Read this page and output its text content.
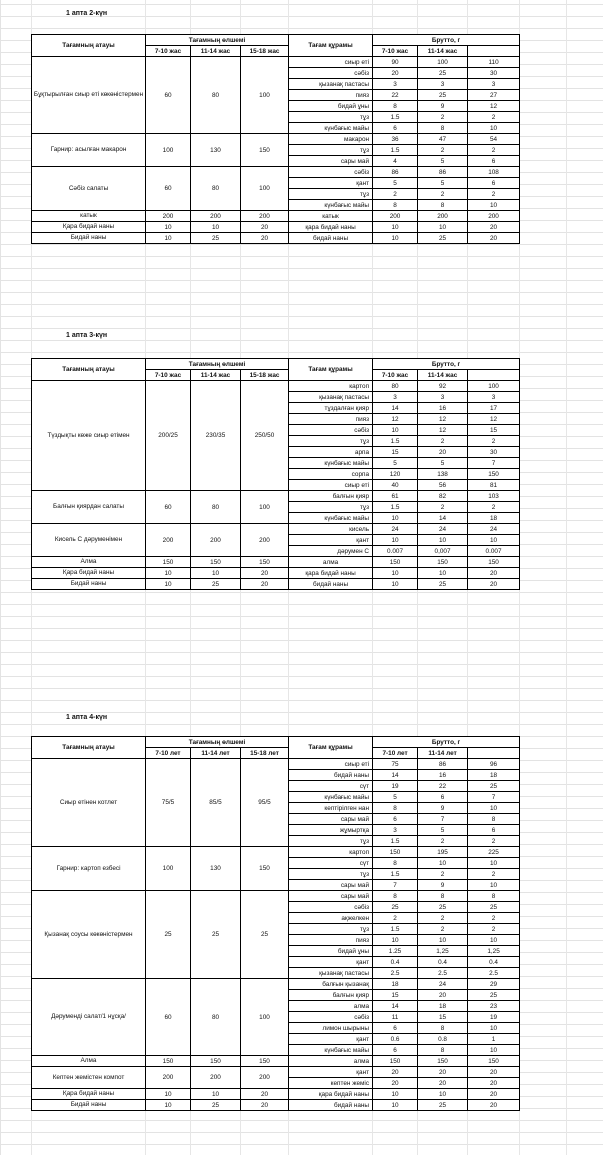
1 апта 2-күн
Тағамның атауы	Тағамның өлшемі			Тағам құрамы	Брутто, г		
	7-10 жас	11-14 жас	15-18 жас		7-10 жас	11-14 жас	
Бұқтырылған сиыр еті көкөністермен	60	80	100	сиыр еті	90	100	110
				сәбіз	20	25	30
				қызанақ пастасы	3	3	3
				пияз	22	25	27
				бидай ұны	8	9	12
				тұз	1.5	2	2
				күнбағыс майы	6	8	10
Гарнир: асылған макарон	100	130	150	макарон	36	47	54
				тұз	1.5	2	2
				сары май	4	5	6
Сәбіз салаты	60	80	100	сәбіз	86	86	108
				қант	5	5	6
				тұз	2	2	2
				күнбағыс майы	8	8	10
катык	200	200	200	катык	200	200	200
Қара бидай наны	10	10	20	қара бидай наны	10	10	20
Бидай наны	10	25	20	бидай наны	10	25	20
1 апта 3-күн
Тағамның атауы	Тағамның өлшемі			Тағам құрамы	Брутто, г		
	7-10 жас	11-14 жас	15-18 жас		7-10 жас	11-14 жас	
Түздықты көже сиыр етімен	200/25	230/35	250/50	картоп	80	92	100
				қызанақ пастасы	3	3	3
				тұздалған қияр	14	16	17
				пияз	12	12	12
				сәбіз	10	12	15
				тұз	1.5	2	2
				арпа	15	20	30
				күнбағыс майы	5	5	7
				сорпа	120	138	150
				сиыр еті	40	56	81
Балғын қиярдан салаты	60	80	100	балғын қияр	61	82	103
				тұз	1.5	2	2
				күнбағыс майы	10	14	18
Кисель С дәруменімен	200	200	200	кисель	24	24	24
				қант	10	10	10
				дәрумен С	0.007	0,007	0.007
Алма	150	150	150	алма	150	150	150
Қара бидай наны	10	10	20	қара бидай наны	10	10	20
Бидай наны	10	25	20	бидай наны	10	25	20
1 апта 4-күн
Тағамның атауы	Тағамның өлшемі			Тағам құрамы	Брутто, г		
	7-10 лет	11-14 лет	15-18 лет		7-10 лет	11-14 лет	
Сиыр етінен котлет	75/5	85/5	95/5	сиыр еті	75	86	96
				бидай наны	14	16	18
				сүт	19	22	25
				күнбағыс майы	5	6	7
				кептірілген нан	8	9	10
				сары май	6	7	8
				жұмыртқа	3	5	6
				тұз	1.5	2	2
Гарнир: картоп езбесі	100	130	150	картоп	150	195	225
				сүт	8	10	10
				тұз	1.5	2	2
				сары май	7	9	10
Қызанақ соусы көкөністермен	25	25	25	сары май	8	8	8
				сәбіз	25	25	25
				ақжелкен	2	2	2
				тұз	1.5	2	2
				пияз	10	10	10
				бидай ұны	1.25	1,25	1,25
				қант	0.4	0.4	0.4
				қызанақ пастасы	2.5	2.5	2.5
Дәруменді салат/1 нұсқа/	60	80	100	балғын қызанақ	18	24	29
				балғын қияр	15	20	25
				алма	14	18	23
				сәбіз	11	15	19
				лимон шырыны	6	8	10
				қант	0.6	0.8	1
				күнбағыс майы	6	8	10
Алма	150	150	150	алма	150	150	150
Кептен жемістен компот	200	200	200	қант	20	20	20
				кептен жеміс	20	20	20
Қара бидай наны	10	10	20	қара бидай наны	10	10	20
Бидай наны	10	25	20	бидай наны	10	25	20
